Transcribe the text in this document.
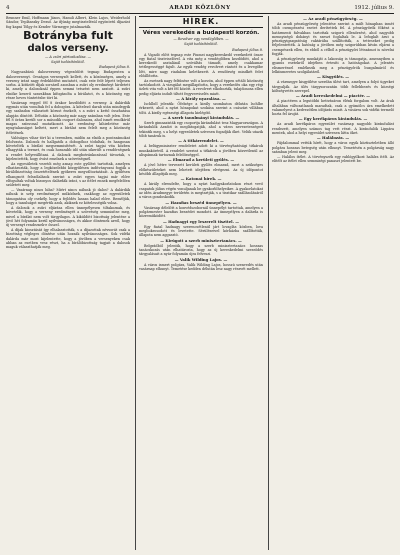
4	ARADI KÖZLÖNY	1912. július 9.

Brunner Emil, Hoffmann János, Hanuli Albert, Klein Lajos, Weiderhold Sándor, Teplánszky Dezső. Az ifjúság megtisztelésül egyöntetű díjazást fog kapni Tölgy és Kender Vármegye jutalmazták.

Botrányba fult
dalos verseny.

— A zsűri pártoskodása. —

Saját tudósítónktól.

Budapest július 8.

Nagyszabású dalosverseny végeződött tegnap Budapesten a dalosversenyt. Országos versenyzőt kellett, és a közönséges, amely a verseny iránt nagy érdeklődést mutatott, csak este felé lépett teljesen sorba. A kitűzött díjak sorsáról azonban a zsűri oly eredményt hirdetett ki, amely a dalosoknál éppen semmi tetszést nem aratott. A zsűri elnöke keserű szavakban kifogásolta a bírálatot, és a közönség egy része heves tüntetésbe tört ki.

Vasárnap reggel fél 8 órakor kezdődött a verseny. A dalárdák egymás után vonultak fel a dobogóra. A kötelező darab után mindegyik egy szabadon választott kórust énekelt, s a zsűri a kettő összhatása alapján döntött. Délután a közönség már nagy számban volt jelen. Este fél 8 órára került sor a második csoport dalosaira, ahol ismét rendkívül magas színvonal mutatkozott. Az eredmény kihirdetése már nyugtalanságot keltett, mert a bírálat nem felelt meg a közönség ítéletének.

Valóságos vihar tört ki a teremben, midőn az elnök a pontszámokat felolvasta. Dalosok és hallgatók a dobogóhoz tódultak, és hangosan követelték a bírálat megsemmisítését. A zsűri tagjai vita közben elhagyták a termet, és csak hosszabb idő után sikerült a rendőrségnek a rendet helyreállítani. A dalosok megbotránkozással távoztak, s kijelentették, hogy óvást emelnek a szövetségnél.

Az egyesületek vezetői még aznap este gyűlést tartottak, amelyen elhatározták, hogy a legközelebbi közgyűlésen indítványozni fogják a bírálóbizottság összetételének gyökeres megváltoztatását. A gyűlésen elhangzott felszólalások szerint a zsűri egyes tagjai már előre elfogultak voltak bizonyos dalárdák iránt, s az ítélet ennek megfelelően született meg.

— Vasárnap nincs hiba? Miért nincs nálunk jó dalos? A dalárdák nálunk is szép eredménnyel működnek, csakhogy az egyesületek támogatása oly csekély, hogy a fejlődés lassan halad előre. Reméljük, hogy a tanulságot megértik azok, akiknek ez kötelességük volna.

A dalosok a zsűri eljárása ellen ünnepélyesen tiltakoznak, és követelik, hogy a verseny eredményét a szövetség semmisítse meg, mivel a bírálat nem volt tárgyilagos. A kiküldött bizottság jelentése a jövő hét folyamán kerül nyilvánosságra, és akkor döntenek arról, hogy új versenyt rendeznek-e ősszel.

A díjak kiosztását így elhalasztották, s a díjazottak névsorát csak a bizottság végleges döntése után hozzák nyilvánosságra. Sok vidéki dalárda már most kijelentette, hogy a jövőben a versenyeken csak abban az esetben vesz részt, ha a bírálóbizottság tagjait a dalosok maguk választhatják meg.

HÍREK.
Véres verekedés a budapesti korzón.

— Revolver egy vendéglőben. —

Saját tudósítónktól.

Budapest július 8.

A Vigadó előtt tegnap este Fiumei nagykereskedő verekedett össze egy fiatal tisztviselővel. A vita még a vendéglőben kezdődött, ahol a kereskedő asztalánál szóváltás támadt, amely csakhamar tettlegességgé fajult. Az egyik vendég revolvert rántott és a levegőbe lőtt, mire nagy riadalom keletkezett. A rendőrség mindkét felet előállította.

Az esetnek nagy feltűnése volt a korzón, ahol éppen sétáló közönség tartózkodott. A vizsgálat megállapította, hogy a verekedés oka egy régi üzleti vita volt a két fél között. A revolvert elkobozták, tulajdonosa ellen pedig eljárás indult tiltott fegyverviselés miatt.

— A király nyaralása. —

Ischlből jelentik: Őfelsége a király szombaton délután Ischlbe érkezett, ahol a nyári hónapokat szokása szerint a császári villában tölti. A király egészségi állapota kielégítő.

— A szerb tanulmányi kirándulás. —

Szerb gimnazisták egy csoportja kirándulást tesz Magyarországon. A kirándulók Aradot is meglátogatják, ahol a város nevezetességeit tekintik meg, s a helyi egyesületek szívesen fogadják őket. Velük utazik több tanáruk is.

— A titkárrendelet. —

A belügyminiszter rendeletet adott ki a törvényhatósági titkárok munkaköréről. A rendelet szerint a titkárok a jövőben közvetlenül az alispánnak tartoznak felelősséggel.

— Elmarad a kerületi gyűlés. —

A jövő hétre tervezett kerületi gyűlés elmarad, mert a szükséges előkészületeket nem lehetett idejében elvégezni. Az új időpontot később állapítják meg.

— Katonai hírek. —

A király elrendelte, hogy a nyári hadgyakorlatokon részt vevő csapatok július végén vonuljanak be gyakorlóhelyeikre. A gyakorlatokat az idén Aradmegye területén is megtartják, s a tisztikar szállásolásáról a város gondoskodik.

— Hazafias beszéd ünnepélyen. —

Vasárnap délelőtt a honvédszobornál ünnepélyt tartottak, amelyen a polgármester hazafias beszédet mondott. Az ünnepélyen a dalárda is közreműködött.

— Hadnagyi egy leszerelt tiszttel. —

Egy fiatal hadnagy szerencsétlenül járt lovaglás közben, lova megbokrosodott és levetette. Sérüléseivel kórházba szállították, állapota nem aggasztó.

— Kirúgott a szerb minisztertanács. —

Belgrádból jelentik, hogy a szerb minisztertanács hosszas tanácskozás után elhatározta, hogy az új kereskedelmi szerződés tárgyalásait a nyár folyamán újra felveszi.

— Valik Wilding Lajos. —

A város ismert polgára, Valik Wilding Lajos, hosszú szenvedés után vasárnap elhunyt. Temetése kedden délután lesz nagy részvét mellett.

— Az aradi pénzügyőrség. —

Az aradi pénzügyőrség jelentése szerint a múlt hónapban ismét több csempészési esetet derítettek fel. A pénzügyőrök főként a határmenti falvakban tartottak szigorú ellenőrzést, ahol nagyobb mennyiségű dohányt és szeszt foglaltak le. A lefoglalt árut a pénzügyigazgatóság raktárába szállították, a tetteseket pedig feljelentették. A hatóság a jövőben még szigorúbban kíván eljárni a csempészek ellen, és ebből a célból a pénzügyőri létszámot is növelni fogják.

A pénzügyőrség munkáját a lakosság is támogatja, amennyiben a gyanús esetekről idejében értesíti a hatóságokat. A jelentés elismeréssel emlékezik meg a pénzügyőrök buzgalmáról és lelkiismeretes szolgálatáról.

— Kisgyűlés. —

A vármegye kisgyűlése szerdán ülést tart, amelyen a folyó ügyeket tárgyalják. Az ülés tárgysorozatán több fellebbezés és községi költségvetés szerepel.

— Aradi kereskedelmi — piactér. —

A piactéren a legutóbbi hetivásáron élénk forgalom volt. Az árak általában változatlanok maradtak, csak a gyümölcs ára emelkedett valamelyest a kedvezőtlen időjárás miatt. A vásárra sok vidéki termelő hozta fel áruját.

— Egy kerékpáros kirándulás. —

Az aradi kerékpáros egyesület vasárnap nagyobb kirándulást rendezett, amelyen számos tag vett részt. A kirándulók Lippára mentek, ahol a helyi egyesület szívesen látta őket.

— Halálozás. —

Fájdalommal vettük hírét, hogy a város egyik köztiszteletben álló polgára hosszas betegség után elhunyt. Temetésén a polgárság nagy számban jelent meg.

— Halálos ítélet. A törvényszék egy rablógyilkost halálra ítélt. Az elítélt az ítélet ellen semmiségi panaszt jelentett be.
